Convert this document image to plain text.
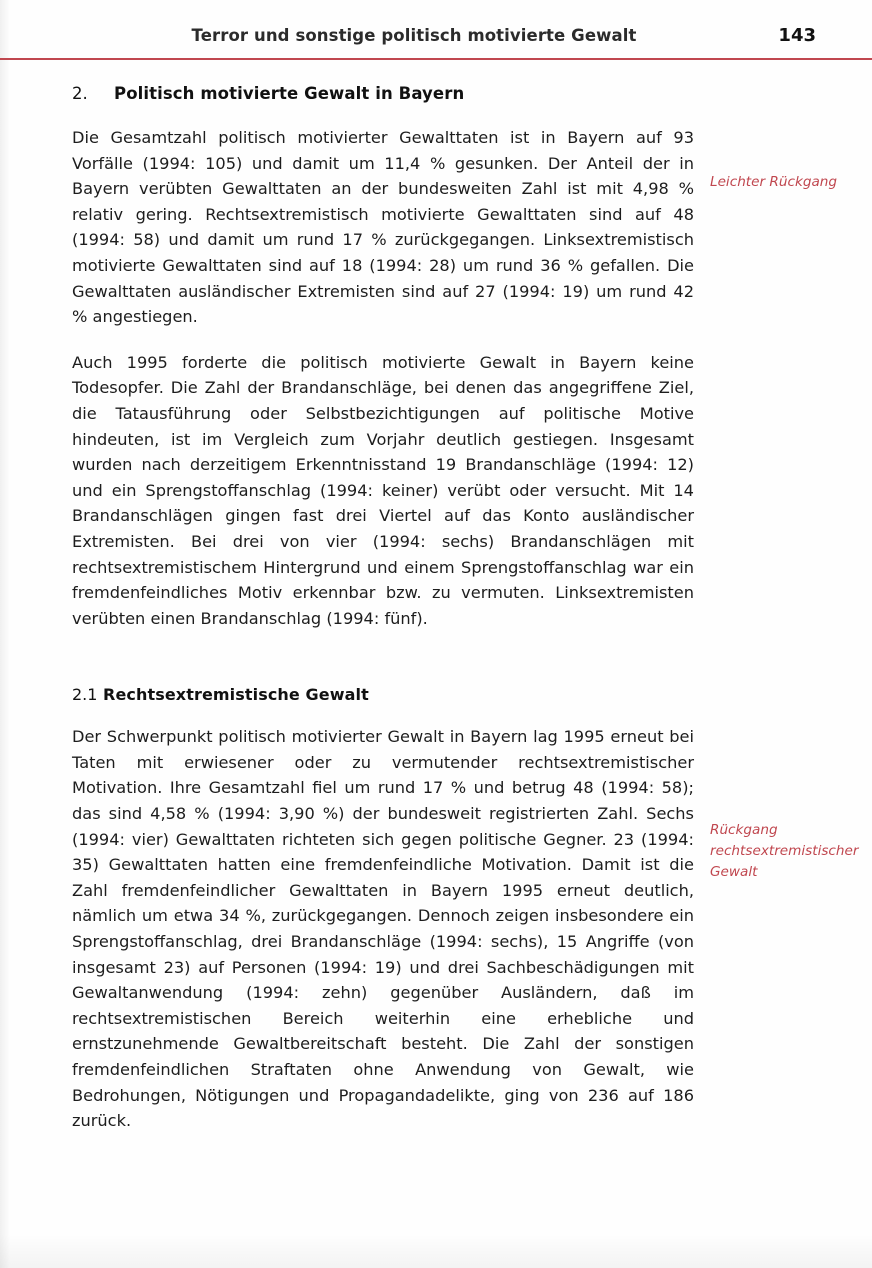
Terror und sonstige politisch motivierte Gewalt	143
2.	Politisch motivierte Gewalt in Bayern

Die Gesamtzahl politisch motivierter Gewalttaten ist in Bayern auf 93 Vorfälle (1994: 105) und damit um 11,4 % gesunken. Der Anteil der in Bayern verübten Gewalttaten an der bundesweiten Zahl ist mit 4,98 % relativ gering. Rechtsextremistisch motivierte Gewalttaten sind auf 48 (1994: 58) und damit um rund 17 % zurückgegangen. Linksextremistisch motivierte Gewalttaten sind auf 18 (1994: 28) um rund 36 % gefallen. Die Gewalttaten ausländischer Extremisten sind auf 27 (1994: 19) um rund 42 % angestiegen.

Auch 1995 forderte die politisch motivierte Gewalt in Bayern keine Todesopfer. Die Zahl der Brandanschläge, bei denen das angegriffene Ziel, die Tatausführung oder Selbstbezichtigungen auf politische Motive hindeuten, ist im Vergleich zum Vorjahr deutlich gestiegen. Insgesamt wurden nach derzeitigem Erkenntnisstand 19 Brandanschläge (1994: 12) und ein Sprengstoffanschlag (1994: keiner) verübt oder versucht. Mit 14 Brandanschlägen gingen fast drei Viertel auf das Konto ausländischer Extremisten. Bei drei von vier (1994: sechs) Brandanschlägen mit rechtsextremistischem Hintergrund und einem Sprengstoffanschlag war ein fremdenfeindliches Motiv erkennbar bzw. zu vermuten. Linksextremisten verübten einen Brandanschlag (1994: fünf).

2.1 Rechtsextremistische Gewalt

Der Schwerpunkt politisch motivierter Gewalt in Bayern lag 1995 erneut bei Taten mit erwiesener oder zu vermutender rechtsextremistischer Motivation. Ihre Gesamtzahl fiel um rund 17 % und betrug 48 (1994: 58); das sind 4,58 % (1994: 3,90 %) der bundesweit registrierten Zahl. Sechs (1994: vier) Gewalttaten richteten sich gegen politische Gegner. 23 (1994: 35) Gewalttaten hatten eine fremdenfeindliche Motivation. Damit ist die Zahl fremdenfeindlicher Gewalttaten in Bayern 1995 erneut deutlich, nämlich um etwa 34 %, zurückgegangen. Dennoch zeigen insbesondere ein Sprengstoffanschlag, drei Brandanschläge (1994: sechs), 15 Angriffe (von insgesamt 23) auf Personen (1994: 19) und drei Sachbeschädigungen mit Gewaltanwendung (1994: zehn) gegenüber Ausländern, daß im rechtsextremistischen Bereich weiterhin eine erhebliche und ernstzunehmende Gewaltbereitschaft besteht. Die Zahl der sonstigen fremdenfeindlichen Straftaten ohne Anwendung von Gewalt, wie Bedrohungen, Nötigungen und Propagandadelikte, ging von 236 auf 186 zurück.

Leichter Rückgang
Rückgang rechtsextremistischer Gewalt
